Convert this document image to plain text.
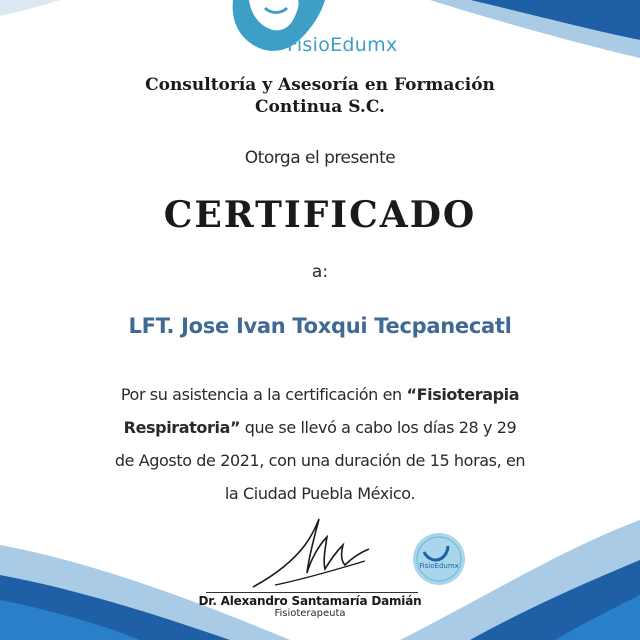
FisioEdumx
Consultoría y Asesoría en Formación
Continua S.C.
Otorga el presente
CERTIFICADO
a:
LFT. Jose Ivan Toxqui Tecpanecatl
Por su asistencia a la certificación en “Fisioterapia
Respiratoria” que se llevó a cabo los días 28 y 29
de Agosto de 2021, con una duración de 15 horas, en
la Ciudad Puebla México.
Dr. Alexandro Santamaría Damián
Fisioterapeuta
FisioEdumx
